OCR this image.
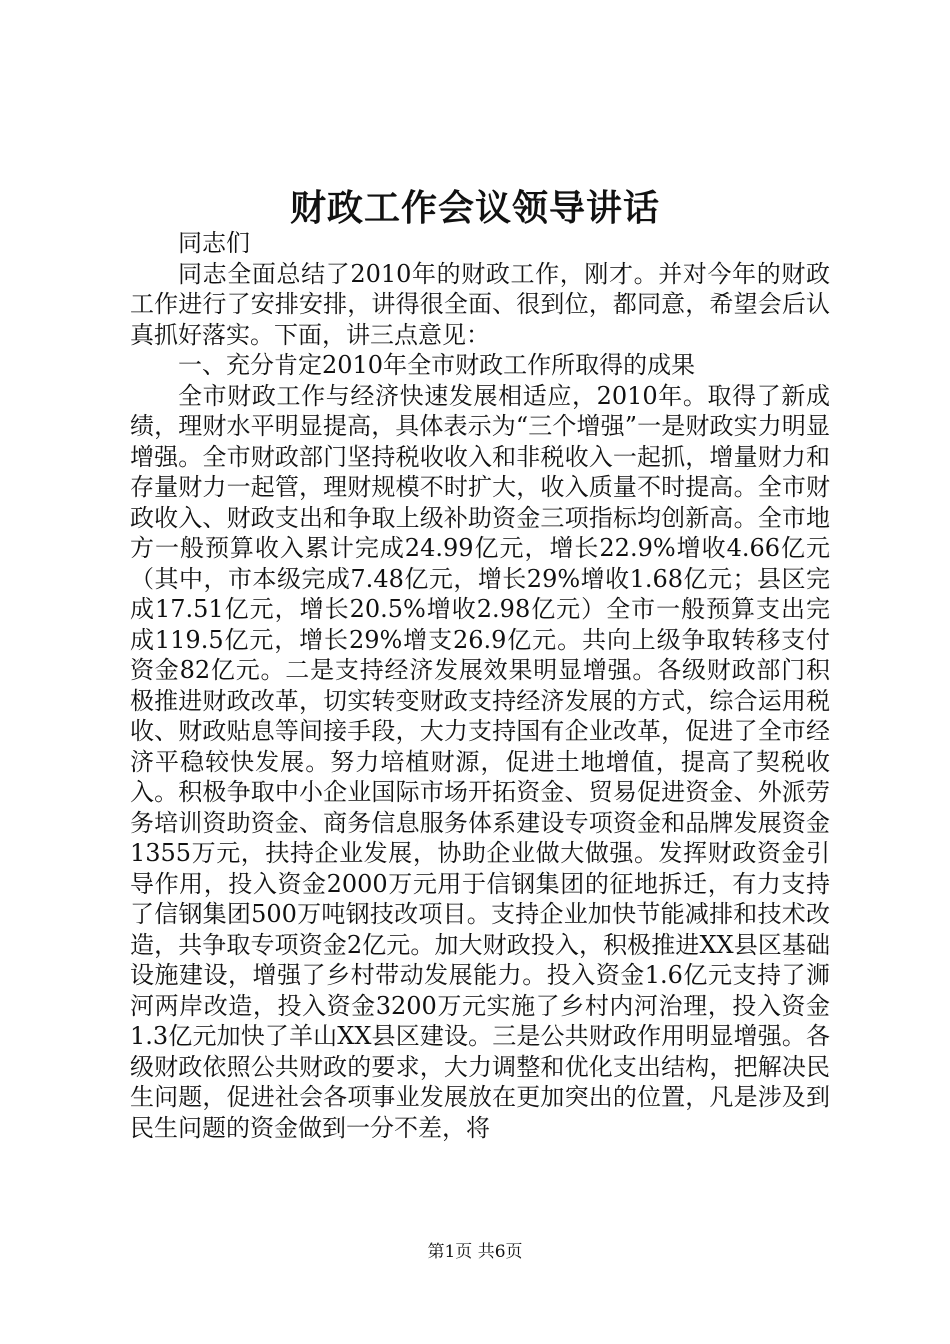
财政工作会议领导讲话

同志们

同志全面总结了2010年的财政工作，刚才。并对今年的财政工作进行了安排安排，讲得很全面、很到位，都同意，希望会后认真抓好落实。下面，讲三点意见：

一、充分肯定2010年全市财政工作所取得的成果

全市财政工作与经济快速发展相适应，2010年。取得了新成绩，理财水平明显提高，具体表示为“三个增强”一是财政实力明显增强。全市财政部门坚持税收收入和非税收入一起抓，增量财力和存量财力一起管，理财规模不时扩大，收入质量不时提高。全市财政收入、财政支出和争取上级补助资金三项指标均创新高。全市地方一般预算收入累计完成24.99亿元，增长22.9%增收4.66亿元（其中，市本级完成7.48亿元，增长29%增收1.68亿元；县区完成17.51亿元，增长20.5%增收2.98亿元）全市一般预算支出完成119.5亿元，增长29%增支26.9亿元。共向上级争取转移支付资金82亿元。二是支持经济发展效果明显增强。各级财政部门积极推进财政改革，切实转变财政支持经济发展的方式，综合运用税收、财政贴息等间接手段，大力支持国有企业改革，促进了全市经济平稳较快发展。努力培植财源，促进土地增值，提高了契税收入。积极争取中小企业国际市场开拓资金、贸易促进资金、外派劳务培训资助资金、商务信息服务体系建设专项资金和品牌发展资金1355万元，扶持企业发展，协助企业做大做强。发挥财政资金引导作用，投入资金2000万元用于信钢集团的征地拆迁，有力支持了信钢集团500万吨钢技改项目。支持企业加快节能减排和技术改造，共争取专项资金2亿元。加大财政投入，积极推进XX县区基础设施建设，增强了乡村带动发展能力。投入资金1.6亿元支持了浉河两岸改造，投入资金3200万元实施了乡村内河治理，投入资金1.3亿元加快了羊山XX县区建设。三是公共财政作用明显增强。各级财政依照公共财政的要求，大力调整和优化支出结构，把解决民生问题，促进社会各项事业发展放在更加突出的位置，凡是涉及到民生问题的资金做到一分不差，将

第1页 共6页
